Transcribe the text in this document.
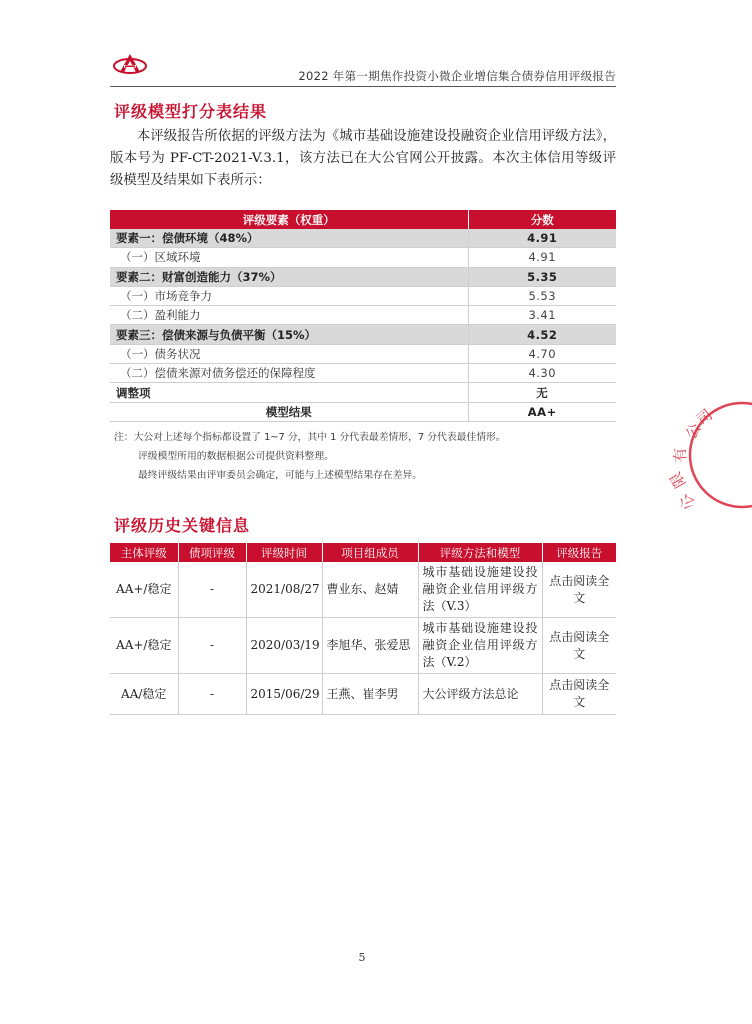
2022 年第一期焦作投资小微企业增信集合债券信用评级报告
评级模型打分表结果

本评级报告所依据的评级方法为《城市基础设施建设投融资企业信用评级方法》，版本号为 PF-CT-2021-V.3.1，该方法已在大公官网公开披露。本次主体信用等级评级模型及结果如下表所示：

评级要素（权重）	分数
要素一：偿债环境（48%）	4.91
（一）区域环境	4.91
要素二：财富创造能力（37%）	5.35
（一）市场竞争力	5.53
（二）盈利能力	3.41
要素三：偿债来源与负债平衡（15%）	4.52
（一）债务状况	4.70
（二）偿债来源对债务偿还的保障程度	4.30
调整项	无
模型结果	AA+
注：大公对上述每个指标都设置了 1~7 分，其中 1 分代表最差情形，7 分代表最佳情形。
评级模型所用的数据根据公司提供资料整理。
最终评级结果由评审委员会确定，可能与上述模型结果存在差异。
评级历史关键信息
主体评级	债项评级	评级时间	项目组成员	评级方法和模型	评级报告
AA+/稳定	-	2021/08/27	曹业东、赵婧	城市基础设施建设投融资企业信用评级方法（V.3）	点击阅读全文
AA+/稳定	-	2020/03/19	李旭华、张爱思	城市基础设施建设投融资企业信用评级方法（V.2）	点击阅读全文
AA/稳定	-	2015/06/29	王燕、崔李男	大公评级方法总论	点击阅读全文
公
司
有
限
公
5
